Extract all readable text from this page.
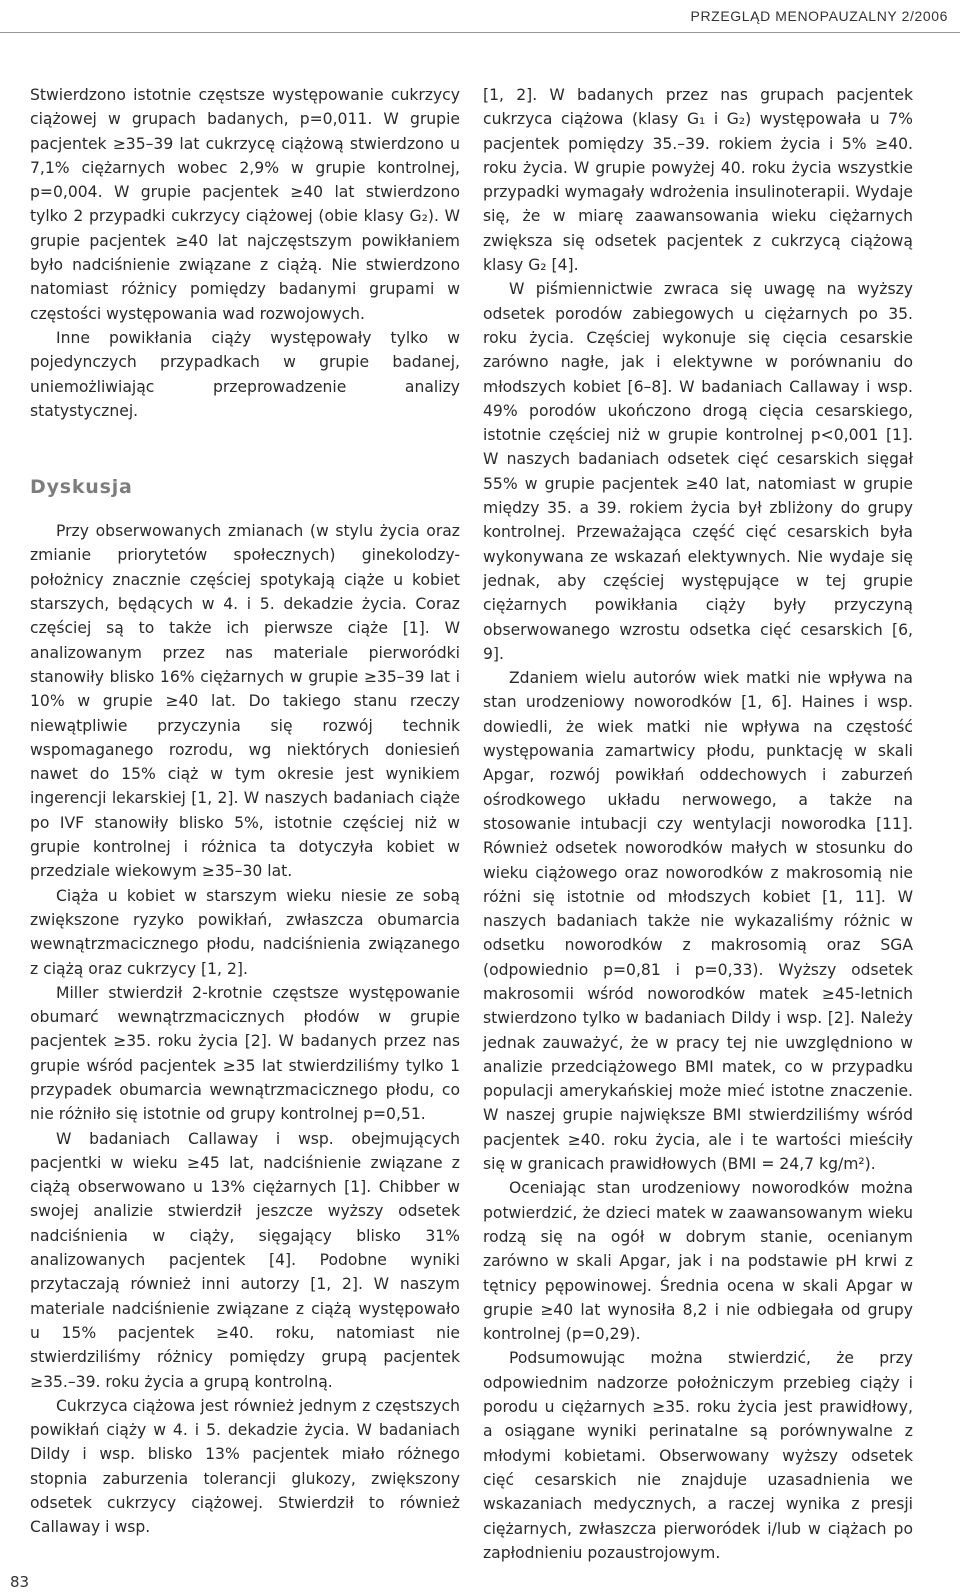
PRZEGLĄD MENOPAUZALNY 2/2006

Stwierdzono istotnie częstsze występowanie cukrzycy ciążowej w grupach badanych, p=0,011. W grupie pacjentek ≥35–39 lat cukrzycę ciążową stwierdzono u 7,1% ciężarnych wobec 2,9% w grupie kontrolnej, p=0,004. W grupie pacjentek ≥40 lat stwierdzono tylko 2 przypadki cukrzycy ciążowej (obie klasy G₂). W grupie pacjentek ≥40 lat najczęstszym powikłaniem było nadciśnienie związane z ciążą. Nie stwierdzono natomiast różnicy pomiędzy badanymi grupami w częstości występowania wad rozwojowych.

Inne powikłania ciąży występowały tylko w pojedynczych przypadkach w grupie badanej, uniemożliwiając przeprowadzenie analizy statystycznej.

Dyskusja

Przy obserwowanych zmianach (w stylu życia oraz zmianie priorytetów społecznych) ginekolodzy-położnicy znacznie częściej spotykają ciąże u kobiet starszych, będących w 4. i 5. dekadzie życia. Coraz częściej są to także ich pierwsze ciąże [1]. W analizowanym przez nas materiale pierworódki stanowiły blisko 16% ciężarnych w grupie ≥35–39 lat i 10% w grupie ≥40 lat. Do takiego stanu rzeczy niewątpliwie przyczynia się rozwój technik wspomaganego rozrodu, wg niektórych doniesień nawet do 15% ciąż w tym okresie jest wynikiem ingerencji lekarskiej [1, 2]. W naszych badaniach ciąże po IVF stanowiły blisko 5%, istotnie częściej niż w grupie kontrolnej i różnica ta dotyczyła kobiet w przedziale wiekowym ≥35–30 lat.

Ciąża u kobiet w starszym wieku niesie ze sobą zwiększone ryzyko powikłań, zwłaszcza obumarcia wewnątrzmacicznego płodu, nadciśnienia związanego z ciążą oraz cukrzycy [1, 2].

Miller stwierdził 2-krotnie częstsze występowanie obumarć wewnątrzmacicznych płodów w grupie pacjentek ≥35. roku życia [2]. W badanych przez nas grupie wśród pacjentek ≥35 lat stwierdziliśmy tylko 1 przypadek obumarcia wewnątrzmacicznego płodu, co nie różniło się istotnie od grupy kontrolnej p=0,51.

W badaniach Callaway i wsp. obejmujących pacjentki w wieku ≥45 lat, nadciśnienie związane z ciążą obserwowano u 13% ciężarnych [1]. Chibber w swojej analizie stwierdził jeszcze wyższy odsetek nadciśnienia w ciąży, sięgający blisko 31% analizowanych pacjentek [4]. Podobne wyniki przytaczają również inni autorzy [1, 2]. W naszym materiale nadciśnienie związane z ciążą występowało u 15% pacjentek ≥40. roku, natomiast nie stwierdziliśmy różnicy pomiędzy grupą pacjentek ≥35.–39. roku życia a grupą kontrolną.

Cukrzyca ciążowa jest również jednym z częstszych powikłań ciąży w 4. i 5. dekadzie życia. W badaniach Dildy i wsp. blisko 13% pacjentek miało różnego stopnia zaburzenia tolerancji glukozy, zwiększony odsetek cukrzycy ciążowej. Stwierdził to również Callaway i wsp.

[1, 2]. W badanych przez nas grupach pacjentek cukrzyca ciążowa (klasy G₁ i G₂) występowała u 7% pacjentek pomiędzy 35.–39. rokiem życia i 5% ≥40. roku życia. W grupie powyżej 40. roku życia wszystkie przypadki wymagały wdrożenia insulinoterapii. Wydaje się, że w miarę zaawansowania wieku ciężarnych zwiększa się odsetek pacjentek z cukrzycą ciążową klasy G₂ [4].

W piśmiennictwie zwraca się uwagę na wyższy odsetek porodów zabiegowych u ciężarnych po 35. roku życia. Częściej wykonuje się cięcia cesarskie zarówno nagłe, jak i elektywne w porównaniu do młodszych kobiet [6–8]. W badaniach Callaway i wsp. 49% porodów ukończono drogą cięcia cesarskiego, istotnie częściej niż w grupie kontrolnej p<0,001 [1]. W naszych badaniach odsetek cięć cesarskich sięgał 55% w grupie pacjentek ≥40 lat, natomiast w grupie między 35. a 39. rokiem życia był zbliżony do grupy kontrolnej. Przeważająca część cięć cesarskich była wykonywana ze wskazań elektywnych. Nie wydaje się jednak, aby częściej występujące w tej grupie ciężarnych powikłania ciąży były przyczyną obserwowanego wzrostu odsetka cięć cesarskich [6, 9].

Zdaniem wielu autorów wiek matki nie wpływa na stan urodzeniowy noworodków [1, 6]. Haines i wsp. dowiedli, że wiek matki nie wpływa na częstość występowania zamartwicy płodu, punktację w skali Apgar, rozwój powikłań oddechowych i zaburzeń ośrodkowego układu nerwowego, a także na stosowanie intubacji czy wentylacji noworodka [11]. Również odsetek noworodków małych w stosunku do wieku ciążowego oraz noworodków z makrosomią nie różni się istotnie od młodszych kobiet [1, 11]. W naszych badaniach także nie wykazaliśmy różnic w odsetku noworodków z makrosomią oraz SGA (odpowiednio p=0,81 i p=0,33). Wyższy odsetek makrosomii wśród noworodków matek ≥45-letnich stwierdzono tylko w badaniach Dildy i wsp. [2]. Należy jednak zauważyć, że w pracy tej nie uwzględniono w analizie przedciążowego BMI matek, co w przypadku populacji amerykańskiej może mieć istotne znaczenie. W naszej grupie największe BMI stwierdziliśmy wśród pacjentek ≥40. roku życia, ale i te wartości mieściły się w granicach prawidłowych (BMI = 24,7 kg/m²).

Oceniając stan urodzeniowy noworodków można potwierdzić, że dzieci matek w zaawansowanym wieku rodzą się na ogół w dobrym stanie, ocenianym zarówno w skali Apgar, jak i na podstawie pH krwi z tętnicy pępowinowej. Średnia ocena w skali Apgar w grupie ≥40 lat wynosiła 8,2 i nie odbiegała od grupy kontrolnej (p=0,29).

Podsumowując można stwierdzić, że przy odpowiednim nadzorze położniczym przebieg ciąży i porodu u ciężarnych ≥35. roku życia jest prawidłowy, a osiągane wyniki perinatalne są porównywalne z młodymi kobietami. Obserwowany wyższy odsetek cięć cesarskich nie znajduje uzasadnienia we wskazaniach medycznych, a raczej wynika z presji ciężarnych, zwłaszcza pierworódek i/lub w ciążach po zapłodnieniu pozaustrojowym.

83
